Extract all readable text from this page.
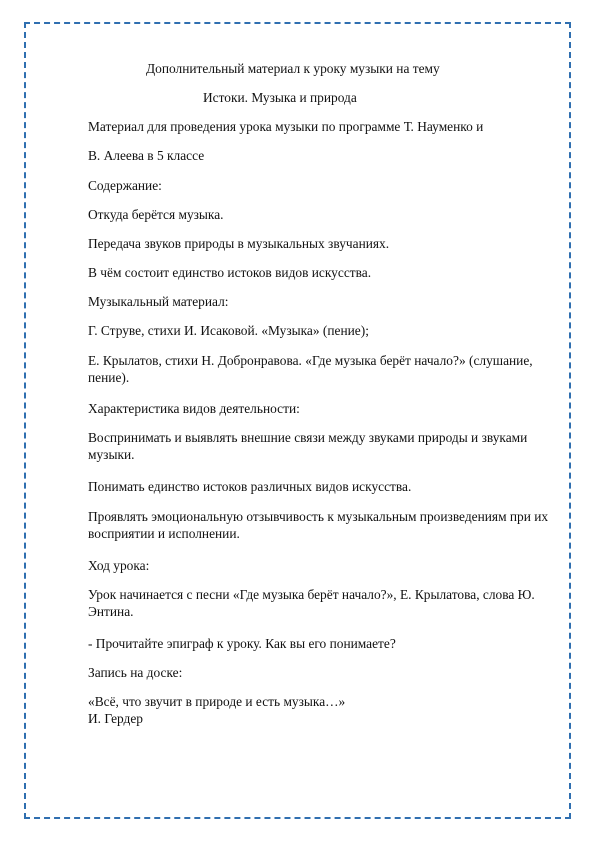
Дополнительный материал к уроку музыки на тему
Истоки. Музыка и природа
Материал для проведения урока музыки по программе Т. Науменко и
В. Алеева в 5 классе
Содержание:
Откуда берётся музыка.
Передача звуков природы в музыкальных звучаниях.
В чём состоит единство истоков видов искусства.
Музыкальный материал:
Г. Струве, стихи И. Исаковой. «Музыка» (пение);
Е. Крылатов, стихи Н. Добронравова. «Где музыка берёт начало?» (слушание, пение).
Характеристика видов деятельности:
Воспринимать и выявлять внешние связи между звуками природы и звуками музыки.
Понимать единство истоков различных видов искусства.
Проявлять эмоциональную отзывчивость к музыкальным произведениям при их восприятии и исполнении.
Ход урока:
Урок начинается с песни «Где музыка берёт начало?», Е. Крылатова, слова Ю. Энтина.
- Прочитайте эпиграф к уроку. Как вы его понимаете?
Запись на доске:
«Всё, что звучит в природе и есть музыка…»
И. Гердер
